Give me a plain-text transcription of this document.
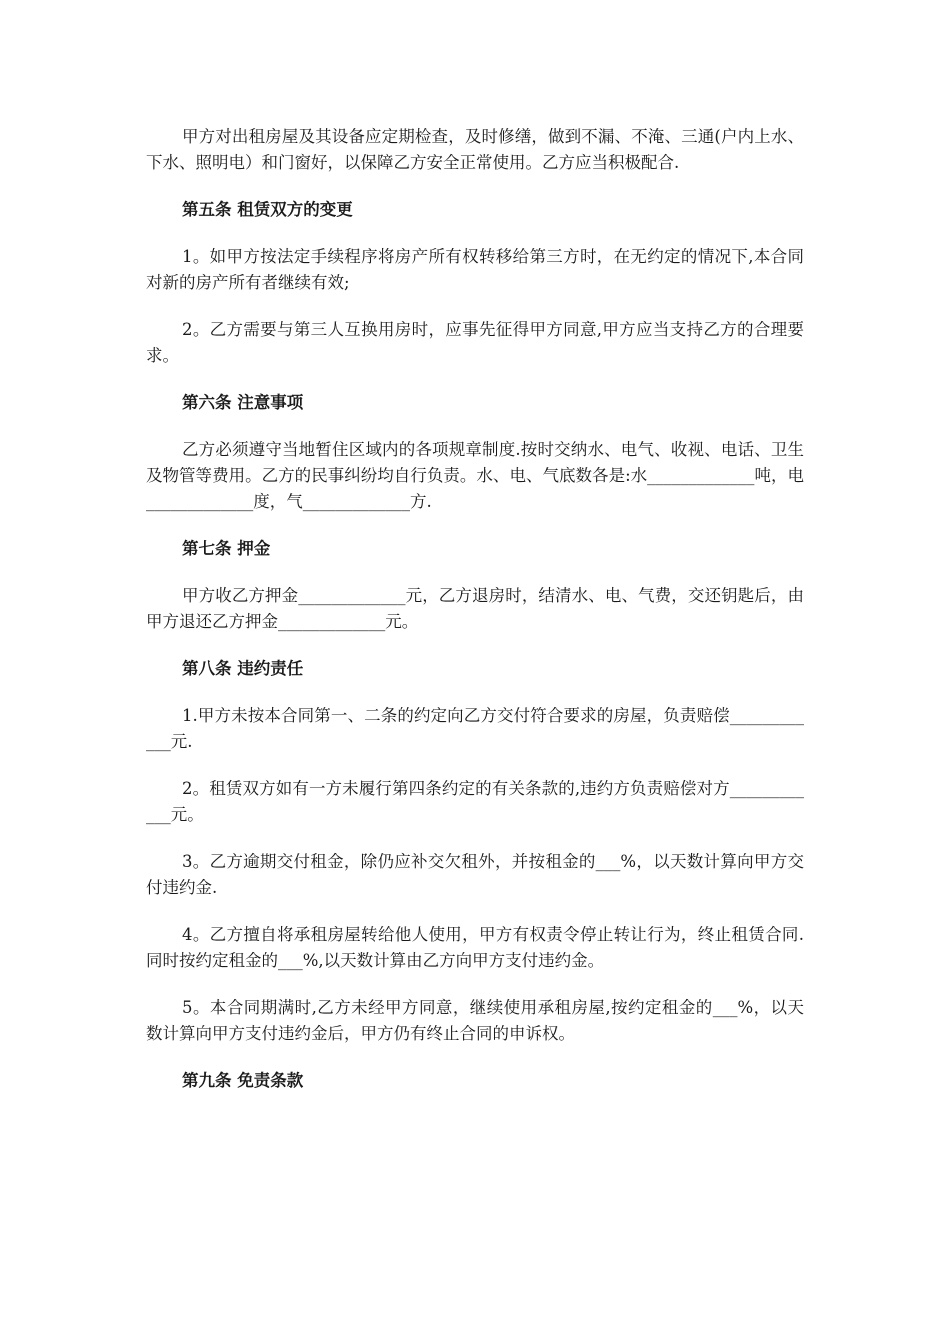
甲方对出租房屋及其设备应定期检查，及时修缮，做到不漏、不淹、三通(户内上水、下水、照明电）和门窗好，以保障乙方安全正常使用。乙方应当积极配合.

第五条 租赁双方的变更

1。如甲方按法定手续程序将房产所有权转移给第三方时，在无约定的情况下,本合同对新的房产所有者继续有效;

2。乙方需要与第三人互换用房时，应事先征得甲方同意,甲方应当支持乙方的合理要求。

第六条 注意事项

乙方必须遵守当地暂住区域内的各项规章制度.按时交纳水、电气、收视、电话、卫生及物管等费用。乙方的民事纠纷均自行负责。水、电、气底数各是:水_____________吨，电_____________度，气_____________方.

第七条 押金

甲方收乙方押金_____________元，乙方退房时，结清水、电、气费，交还钥匙后，由甲方退还乙方押金_____________元。

第八条 违约责任

1.甲方未按本合同第一、二条的约定向乙方交付符合要求的房屋，负责赔偿____________元.

2。租赁双方如有一方未履行第四条约定的有关条款的,违约方负责赔偿对方____________元。

3。乙方逾期交付租金，除仍应补交欠租外，并按租金的___%，以天数计算向甲方交付违约金.

4。乙方擅自将承租房屋转给他人使用，甲方有权责令停止转让行为，终止租赁合同.同时按约定租金的___%,以天数计算由乙方向甲方支付违约金。

5。本合同期满时,乙方未经甲方同意，继续使用承租房屋,按约定租金的___%，以天数计算向甲方支付违约金后，甲方仍有终止合同的申诉权。

第九条 免责条款
